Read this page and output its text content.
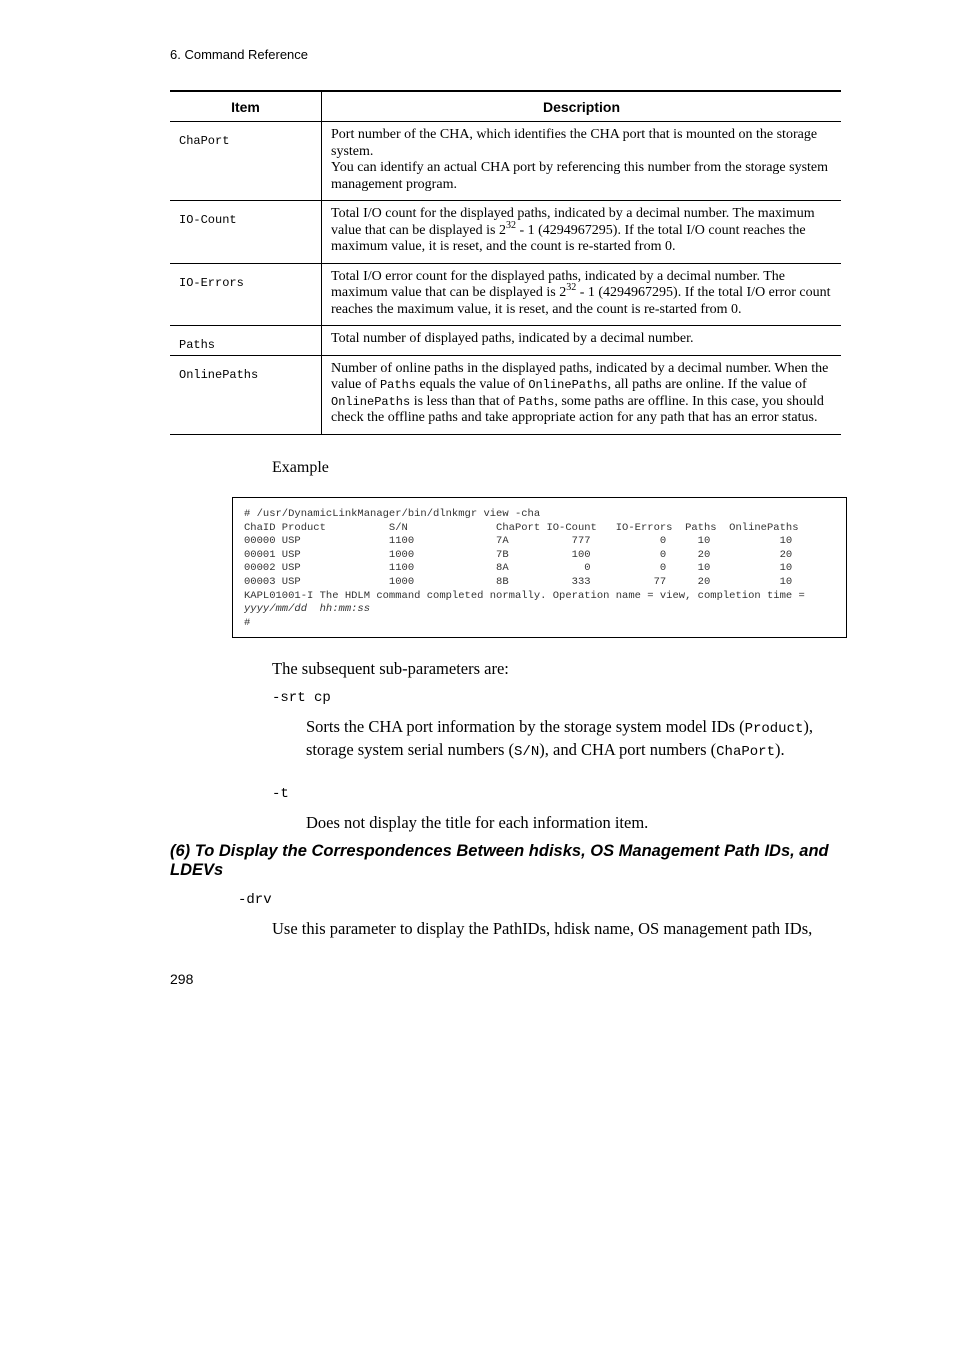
6. Command Reference
Item	Description
ChaPort	Port number of the CHA, which identifies the CHA port that is mounted on the storage system.
You can identify an actual CHA port by referencing this number from the storage system management program.

IO-Count	Total I/O count for the displayed paths, indicated by a decimal number. The maximum value that can be displayed is $2^{32} - 1$ (4294967295). If the total I/O count reaches the maximum value, it is reset, and the count is re-started from 0.
IO-Errors	Total I/O error count for the displayed paths, indicated by a decimal number. The maximum value that can be displayed is $2^{32} - 1$ (4294967295). If the total I/O error count reaches the maximum value, it is reset, and the count is re-started from 0.
Paths	Total number of displayed paths, indicated by a decimal number.
OnlinePaths	Number of online paths in the displayed paths, indicated by a decimal number. When the value of Paths equals the value of OnlinePaths, all paths are online. If the value of OnlinePaths is less than that of Paths, some paths are offline. In this case, you should check the offline paths and take appropriate action for any path that has an error status.
Example
# /usr/DynamicLinkManager/bin/dlnkmgr view -cha
ChaID Product          S/N              ChaPort IO-Count   IO-Errors  Paths  OnlinePaths
00000 USP              1100             7A          777           0     10           10
00001 USP              1000             7B          100           0     20           20
00002 USP              1100             8A            0           0     10           10
00003 USP              1000             8B          333          77     20           10
KAPL01001-I The HDLM command completed normally. Operation name = view, completion time =
yyyy/mm/dd  hh:mm:ss
#
The subsequent sub-parameters are:
-srt cp
Sorts the CHA port information by the storage system model IDs (Product), storage system serial numbers (S/N), and CHA port numbers (ChaPort).
-t
Does not display the title for each information item.
(6) To Display the Correspondences Between hdisks, OS Management Path IDs, and LDEVs
-drv
Use this parameter to display the PathIDs, hdisk name, OS management path IDs,
298
